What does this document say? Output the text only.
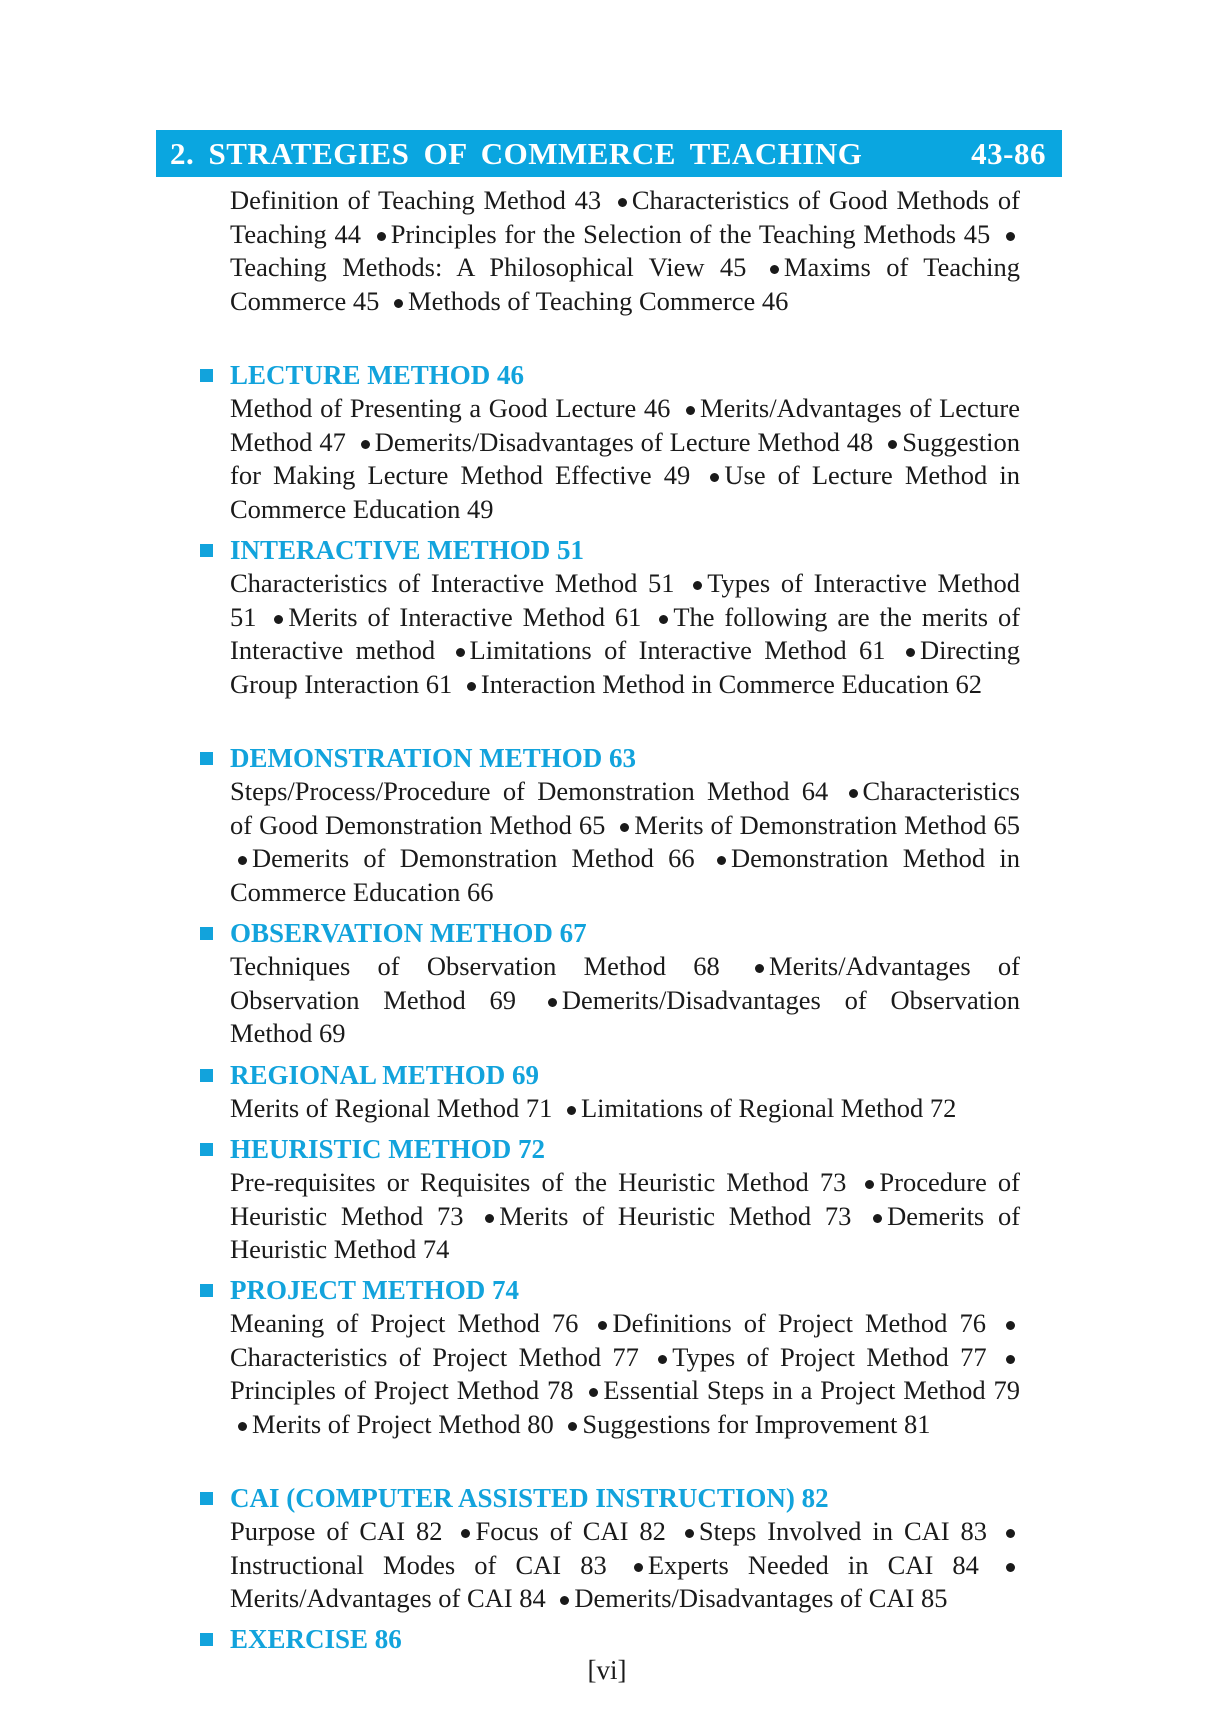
2. STRATEGIES OF COMMERCE TEACHING	43-86
Definition of Teaching Method 43 Characteristics of Good Methods of Teaching 44 Principles for the Selection of the Teaching Methods 45 Teaching Methods: A Philosophical View 45 Maxims of Teaching Commerce 45 Methods of Teaching Commerce 46
LECTURE METHOD 46
Method of Presenting a Good Lecture 46 Merits/Advantages of Lecture Method 47 Demerits/Disadvantages of Lecture Method 48 Suggestion for Making Lecture Method Effective 49 Use of Lecture Method in Commerce Education 49
INTERACTIVE METHOD 51
Characteristics of Interactive Method 51 Types of Interactive Method 51 Merits of Interactive Method 61 The following are the merits of Interactive method Limitations of Interactive Method 61 Directing Group Interaction 61 Interaction Method in Commerce Education 62
DEMONSTRATION METHOD 63
Steps/Process/Procedure of Demonstration Method 64 Characteristics of Good Demonstration Method 65 Merits of Demonstration Method 65 Demerits of Demonstration Method 66 Demonstration Method in Commerce Education 66
OBSERVATION METHOD 67
Techniques of Observation Method 68 Merits/Advantages of Observation Method 69 Demerits/Disadvantages of Observation Method 69
REGIONAL METHOD 69
Merits of Regional Method 71 Limitations of Regional Method 72
HEURISTIC METHOD 72
Pre-requisites or Requisites of the Heuristic Method 73 Procedure of Heuristic Method 73 Merits of Heuristic Method 73 Demerits of Heuristic Method 74
PROJECT METHOD 74
Meaning of Project Method 76 Definitions of Project Method 76 Characteristics of Project Method 77 Types of Project Method 77 Principles of Project Method 78 Essential Steps in a Project Method 79 Merits of Project Method 80 Suggestions for Improvement 81
CAI (COMPUTER ASSISTED INSTRUCTION) 82
Purpose of CAI 82 Focus of CAI 82 Steps Involved in CAI 83 Instructional Modes of CAI 83 Experts Needed in CAI 84 Merits/Advantages of CAI 84 Demerits/Disadvantages of CAI 85
EXERCISE 86
[vi]
